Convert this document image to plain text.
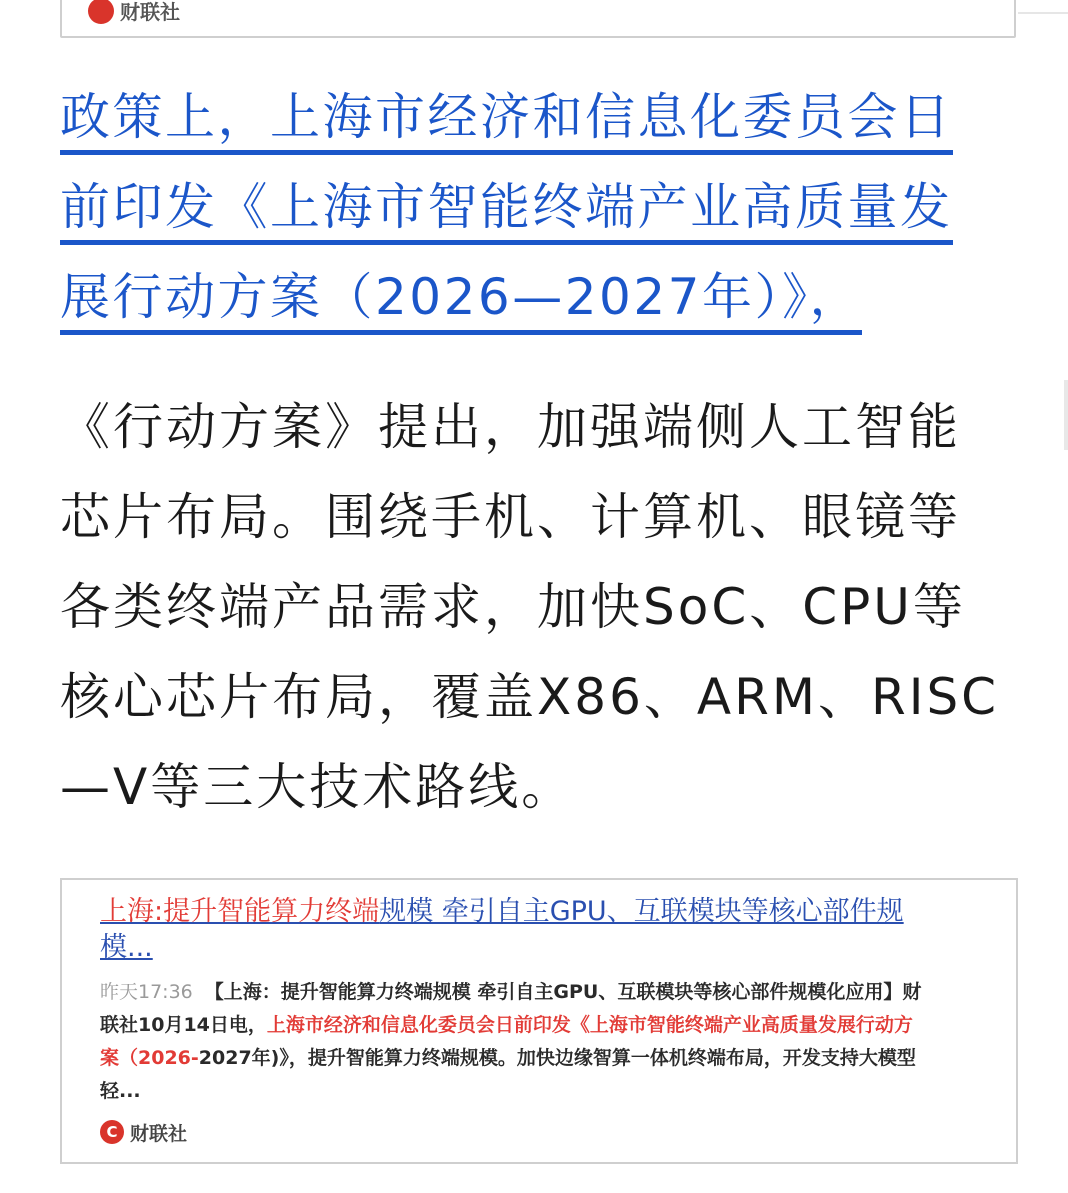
财联社
政策上，上海市经济和信息化委员会日
前印发《上海市智能终端产业高质量发
展行动方案（2026—2027年）》，
《行动方案》提出，加强端侧人工智能
芯片布局。围绕手机、计算机、眼镜等
各类终端产品需求，加快SoC、CPU等
核心芯片布局，覆盖X86、ARM、RISC
—V等三大技术路线。
上海:提升智能算力终端规模 牵引自主GPU、互联模块等核心部件规
模...
昨天17:36 【上海：提升智能算力终端规模 牵引自主GPU、互联模块等核心部件规模化应用】财
联社10月14日电，上海市经济和信息化委员会日前印发《上海市智能终端产业高质量发展行动方
案（2026-2027年)》，提升智能算力终端规模。加快边缘智算一体机终端布局，开发支持大模型
轻...
C 财联社
